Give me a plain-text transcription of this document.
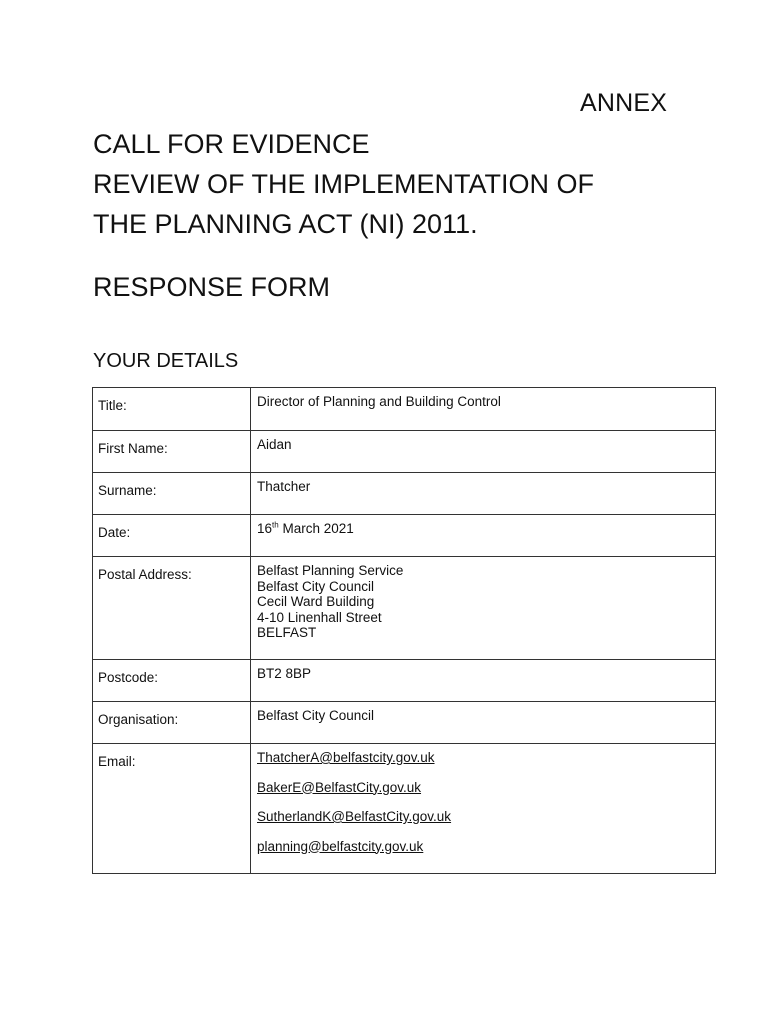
ANNEX
CALL FOR EVIDENCE
REVIEW OF THE IMPLEMENTATION OF
THE PLANNING ACT (NI) 2011.
RESPONSE FORM
YOUR DETAILS
Title:	Director of Planning and Building Control

First Name:	Aidan

Surname:	Thatcher

Date:	16th March 2021

Postal Address:	Belfast Planning Service
Belfast City Council
Cecil Ward Building
4-10 Linenhall Street
BELFAST

Postcode:	BT2 8BP

Organisation:	Belfast City Council

Email:	ThatcherA@belfastcity.gov.uk
BakerE@BelfastCity.gov.uk
SutherlandK@BelfastCity.gov.uk
planning@belfastcity.gov.uk
